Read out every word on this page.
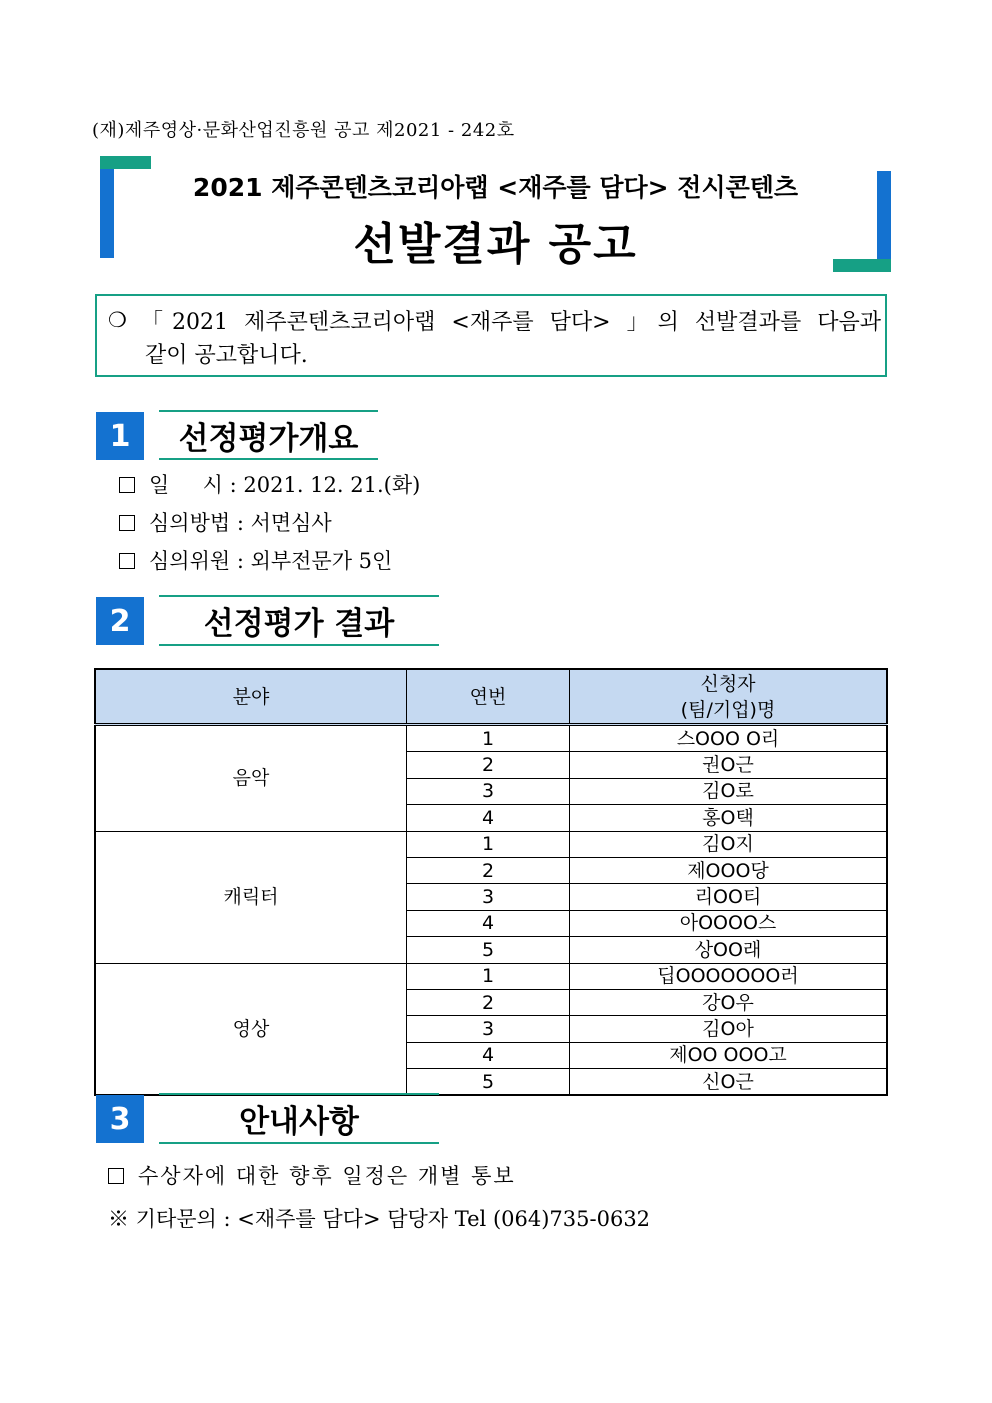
(재)제주영상·문화산업진흥원 공고 제2021 - 242호
2021 제주콘텐츠코리아랩 <재주를 담다> 전시콘텐츠
선발결과 공고
❍ 「2021 제주콘텐츠코리아랩 <재주를 담다> 」의 선발결과를 다음과
같이 공고합니다.
1	선정평가개요
일     시 : 2021. 12. 21.(화)
심의방법 : 서면심사
심의위원 : 외부전문가 5인
2	선정평가 결과
분야	연번	신청자
(팀/기업)명
음악	1	스OOO O리
	2	권O근
	3	김O로
	4	홍O택
캐릭터	1	김O지
	2	제OOO당
	3	리OO티
	4	아OOOO스
	5	상OO래
영상	1	딥OOOOOOO러
	2	강O우
	3	김O아
	4	제OO OOO고
	5	신O근
3	안내사항
수상자에 대한 향후 일정은 개별 통보
※ 기타문의 : <재주를 담다> 담당자 Tel (064)735-0632
